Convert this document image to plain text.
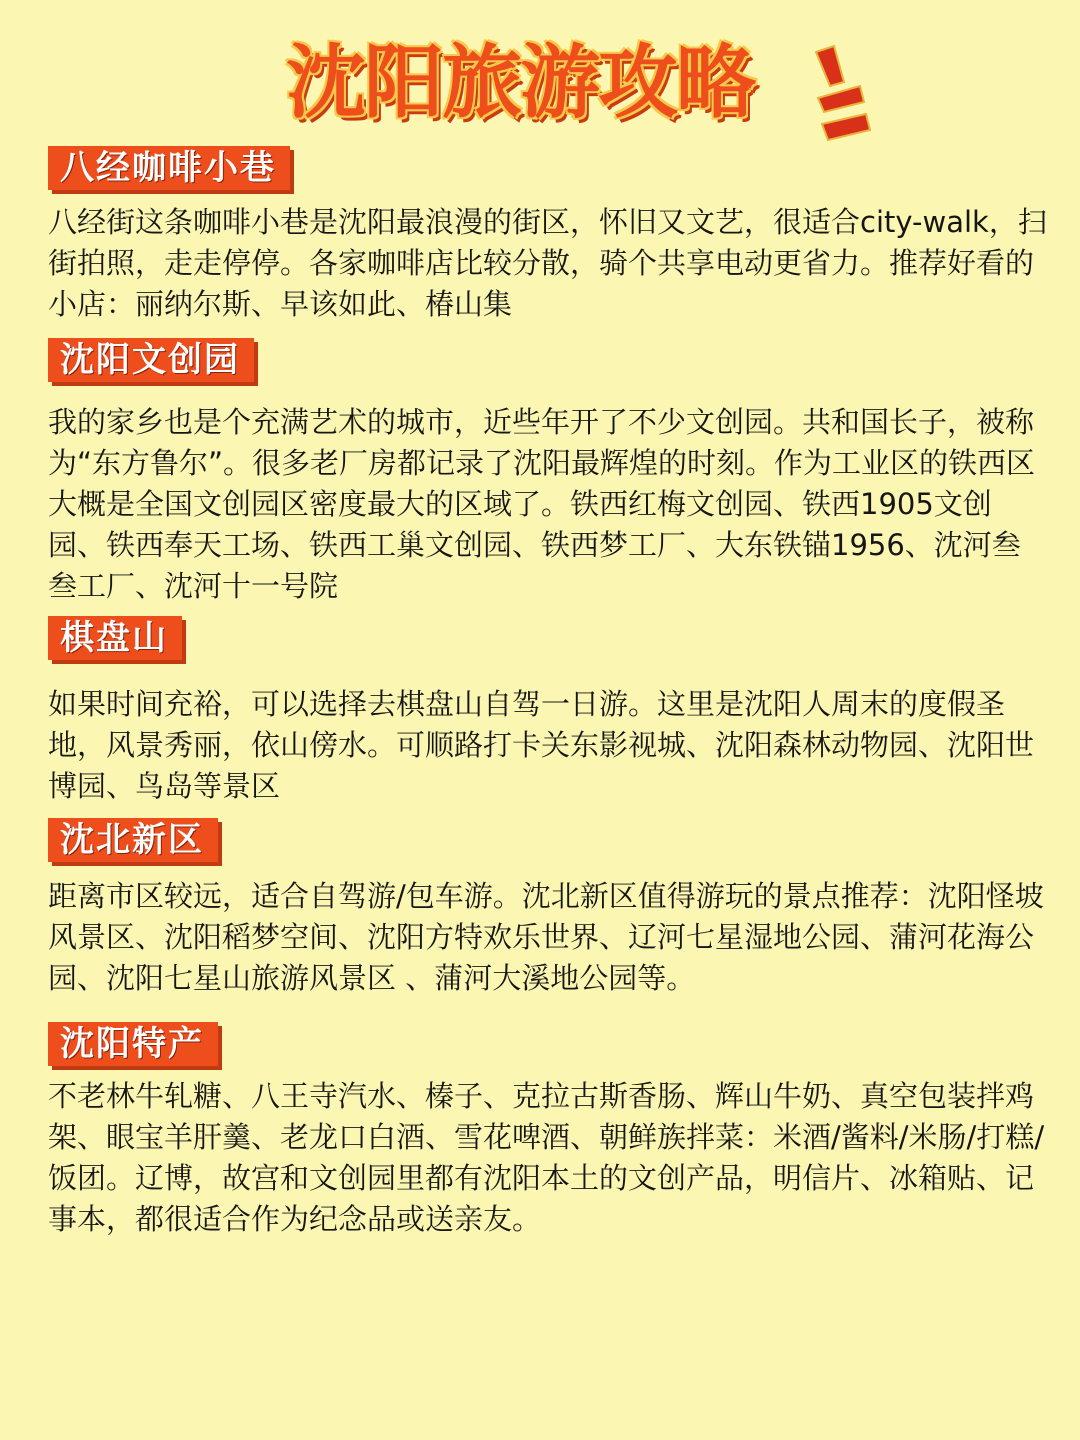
沈阳旅游攻略
八经咖啡小巷

八经街这条咖啡小巷是沈阳最浪漫的街区，怀旧又文艺，很适合city-walk，扫街拍照，走走停停。各家咖啡店比较分散，骑个共享电动更省力。推荐好看的小店：丽纳尔斯、早该如此、椿山集

沈阳文创园

我的家乡也是个充满艺术的城市，近些年开了不少文创园。共和国长子，被称为“东方鲁尔”。很多老厂房都记录了沈阳最辉煌的时刻。作为工业区的铁西区大概是全国文创园区密度最大的区域了。铁西红梅文创园、铁西1905文创园、铁西奉天工场、铁西工巢文创园、铁西梦工厂、大东铁锚1956、沈河叁叁工厂、沈河十一号院

棋盘山

如果时间充裕，可以选择去棋盘山自驾一日游。这里是沈阳人周末的度假圣地，风景秀丽，依山傍水。可顺路打卡关东影视城、沈阳森林动物园、沈阳世博园、鸟岛等景区

沈北新区

距离市区较远，适合自驾游/包车游。沈北新区值得游玩的景点推荐：沈阳怪坡风景区、沈阳稻梦空间、沈阳方特欢乐世界、辽河七星湿地公园、蒲河花海公园、沈阳七星山旅游风景区 、蒲河大溪地公园等。

沈阳特产

不老林牛轧糖、八王寺汽水、榛子、克拉古斯香肠、辉山牛奶、真空包装拌鸡架、眼宝羊肝羹、老龙口白酒、雪花啤酒、朝鲜族拌菜：米酒/酱料/米肠/打糕/饭团。辽博，故宫和文创园里都有沈阳本土的文创产品，明信片、冰箱贴、记事本，都很适合作为纪念品或送亲友。
